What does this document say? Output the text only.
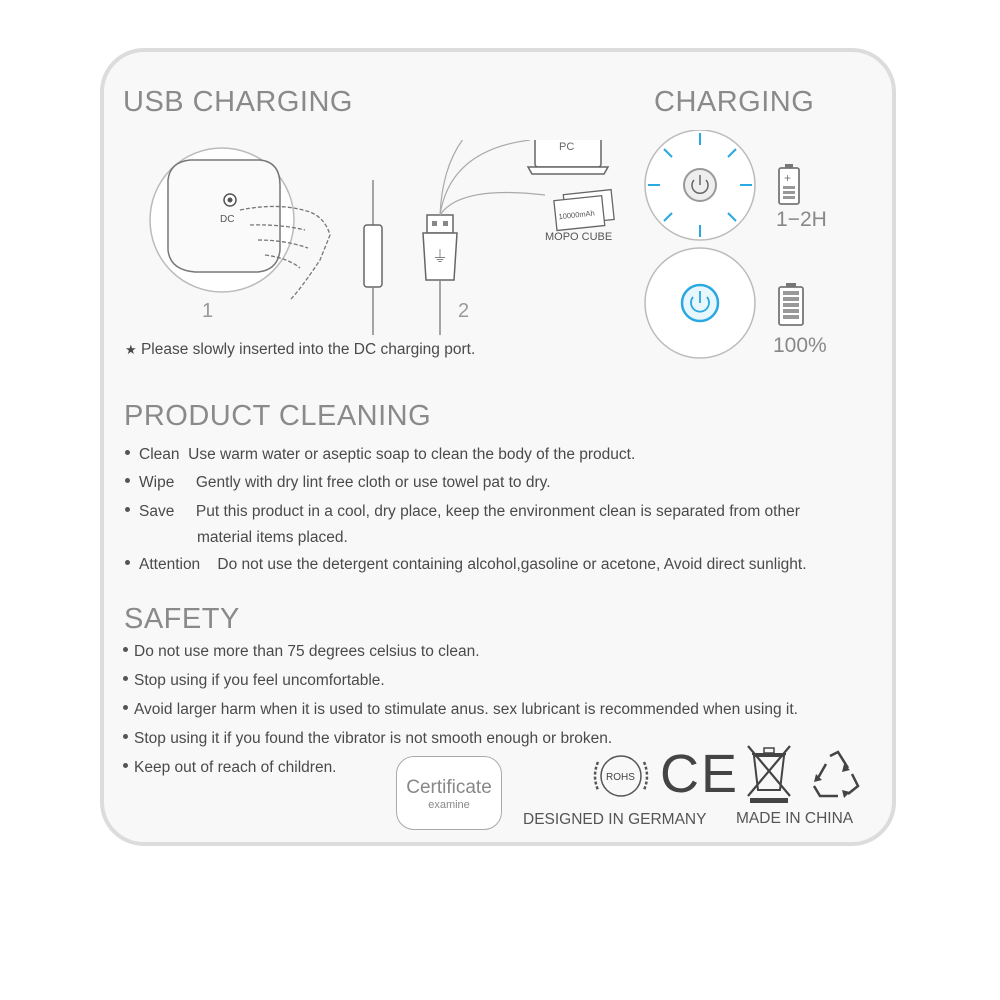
USB CHARGING
DC
⏚
PC
10000mAh
MOPO CUBE
1	2
★ Please slowly inserted into the DC charging port.
CHARGING
+
1−2H
100%
PRODUCT CLEANING
Clean Use warm water or aseptic soap to clean the body of the product.
Wipe Gently with dry lint free cloth or use towel pat to dry.
Save Put this product in a cool, dry place, keep the environment clean is separated from other
material items placed.
Attention Do not use the detergent containing alcohol,gasoline or acetone, Avoid direct sunlight.
SAFETY
Do not use more than 75 degrees celsius to clean.
Stop using if you feel uncomfortable.
Avoid larger harm when it is used to stimulate anus. sex lubricant is recommended when using it.
Stop using it if you found the vibrator is not smooth enough or broken.
Keep out of reach of children.
Certificate
examine
ROHS CE
DESIGNED IN GERMANY MADE IN CHINA
